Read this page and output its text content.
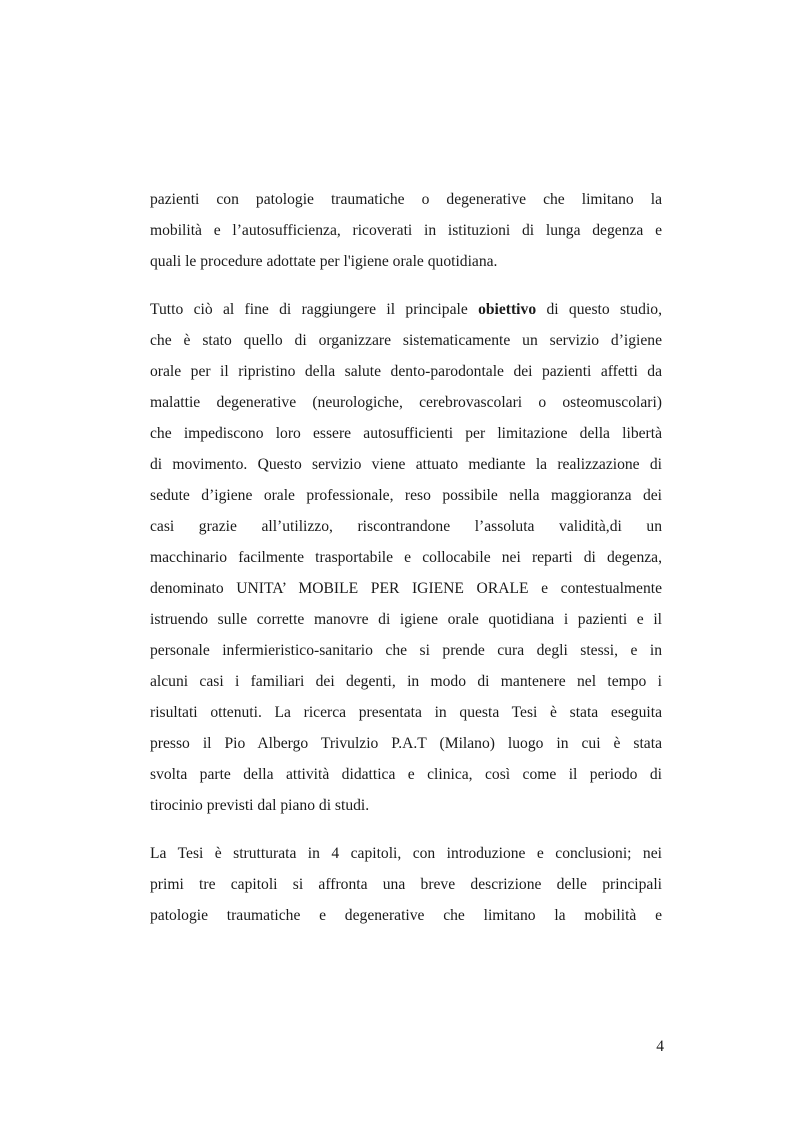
pazienti con patologie traumatiche o degenerative che limitano la
mobilità e l’autosufficienza, ricoverati in istituzioni di lunga degenza e
quali le procedure adottate per l'igiene orale quotidiana.
Tutto ciò al fine di raggiungere il principale obiettivo di questo studio,
che è stato quello di organizzare sistematicamente un servizio d’igiene
orale per il ripristino della salute dento-parodontale dei pazienti affetti da
malattie degenerative (neurologiche, cerebrovascolari o osteomuscolari)
che impediscono loro essere autosufficienti per limitazione della libertà
di movimento. Questo servizio viene attuato mediante la realizzazione di
sedute d’igiene orale professionale, reso possibile nella maggioranza dei
casi grazie all’utilizzo, riscontrandone l’assoluta validità,di un
macchinario facilmente trasportabile e collocabile nei reparti di degenza,
denominato UNITA’ MOBILE PER IGIENE ORALE e contestualmente
istruendo sulle corrette manovre di igiene orale quotidiana i pazienti e il
personale infermieristico-sanitario che si prende cura degli stessi, e in
alcuni casi i familiari dei degenti, in modo di mantenere nel tempo i
risultati ottenuti. La ricerca presentata in questa Tesi è stata eseguita
presso il Pio Albergo Trivulzio P.A.T (Milano) luogo in cui è stata
svolta parte della attività didattica e clinica, così come il periodo di
tirocinio previsti dal piano di studi.
La Tesi è strutturata in 4 capitoli, con introduzione e conclusioni; nei
primi tre capitoli si affronta una breve descrizione delle principali
patologie traumatiche e degenerative che limitano la mobilità e
4
